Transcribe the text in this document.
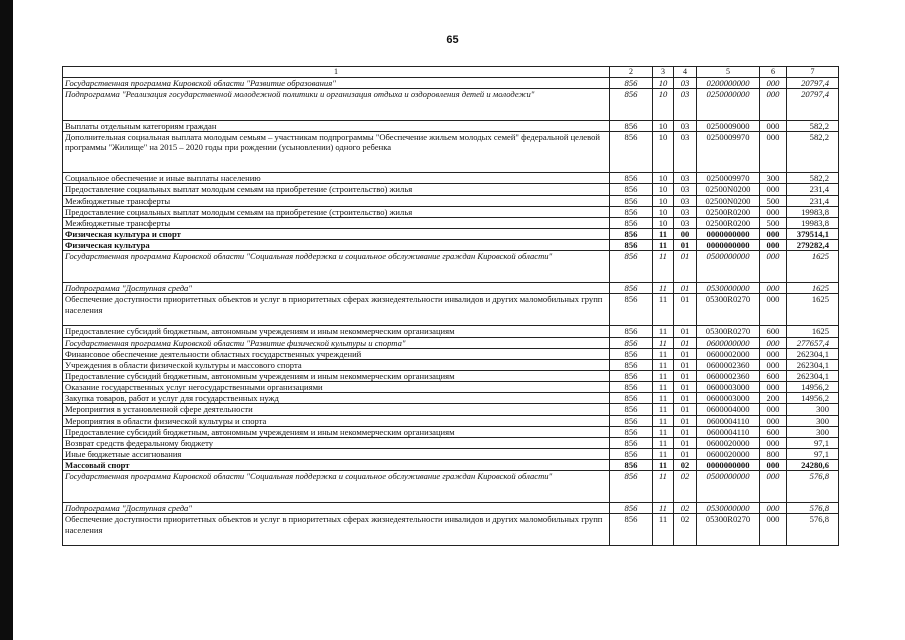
65
1	2	3	4	5	6	7
Государственная программа Кировской области "Развитие образования"	856	10	03	0200000000	000	20797,4
Подпрограмма "Реализация государственной молодежной политики и организация отдыха и оздоровления детей и молодежи"	856	10	03	0250000000	000	20797,4
Выплаты отдельным категориям граждан	856	10	03	0250009000	000	582,2
Дополнительная социальная выплата молодым семьям – участникам подпрограммы "Обеспечение жильем молодых семей" федеральной целевой программы "Жилище" на 2015 – 2020 годы при рождении (усыновлении) одного ребенка	856	10	03	0250009970	000	582,2
Социальное обеспечение и иные выплаты населению	856	10	03	0250009970	300	582,2
Предоставление социальных выплат молодым семьям на приобретение (строительство) жилья	856	10	03	02500N0200	000	231,4
Межбюджетные трансферты	856	10	03	02500N0200	500	231,4
Предоставление социальных выплат молодым семьям на приобретение (строительство) жилья	856	10	03	02500R0200	000	19983,8
Межбюджетные трансферты	856	10	03	02500R0200	500	19983,8
Физическая культура и спорт	856	11	00	0000000000	000	379514,1
Физическая культура	856	11	01	0000000000	000	279282,4
Государственная программа Кировской области "Социальная поддержка и социальное обслуживание граждан Кировской области"	856	11	01	0500000000	000	1625
Подпрограмма "Доступная среда"	856	11	01	0530000000	000	1625
Обеспечение доступности приоритетных объектов и услуг в приоритетных сферах жизнедеятельности инвалидов и других маломобильных групп населения	856	11	01	05300R0270	000	1625
Предоставление субсидий бюджетным, автономным учреждениям и иным некоммерческим организациям	856	11	01	05300R0270	600	1625
Государственная программа Кировской области "Развитие физической культуры и спорта"	856	11	01	0600000000	000	277657,4
Финансовое обеспечение деятельности областных государственных учреждений	856	11	01	0600002000	000	262304,1
Учреждения в области физической культуры и массового спорта	856	11	01	0600002360	000	262304,1
Предоставление субсидий бюджетным, автономным учреждениям и иным некоммерческим организациям	856	11	01	0600002360	600	262304,1
Оказание государственных услуг негосударственными организациями	856	11	01	0600003000	000	14956,2
Закупка товаров, работ и услуг для государственных нужд	856	11	01	0600003000	200	14956,2
Мероприятия в установленной сфере деятельности	856	11	01	0600004000	000	300
Мероприятия в области физической культуры и спорта	856	11	01	0600004110	000	300
Предоставление субсидий бюджетным, автономным учреждениям и иным некоммерческим организациям	856	11	01	0600004110	600	300
Возврат средств федеральному бюджету	856	11	01	0600020000	000	97,1
Иные бюджетные ассигнования	856	11	01	0600020000	800	97,1
Массовый спорт	856	11	02	0000000000	000	24280,6
Государственная программа Кировской области "Социальная поддержка и социальное обслуживание граждан Кировской области"	856	11	02	0500000000	000	576,8
Подпрограмма "Доступная среда"	856	11	02	0530000000	000	576,8
Обеспечение доступности приоритетных объектов и услуг в приоритетных сферах жизнедеятельности инвалидов и других маломобильных групп населения	856	11	02	05300R0270	000	576,8
